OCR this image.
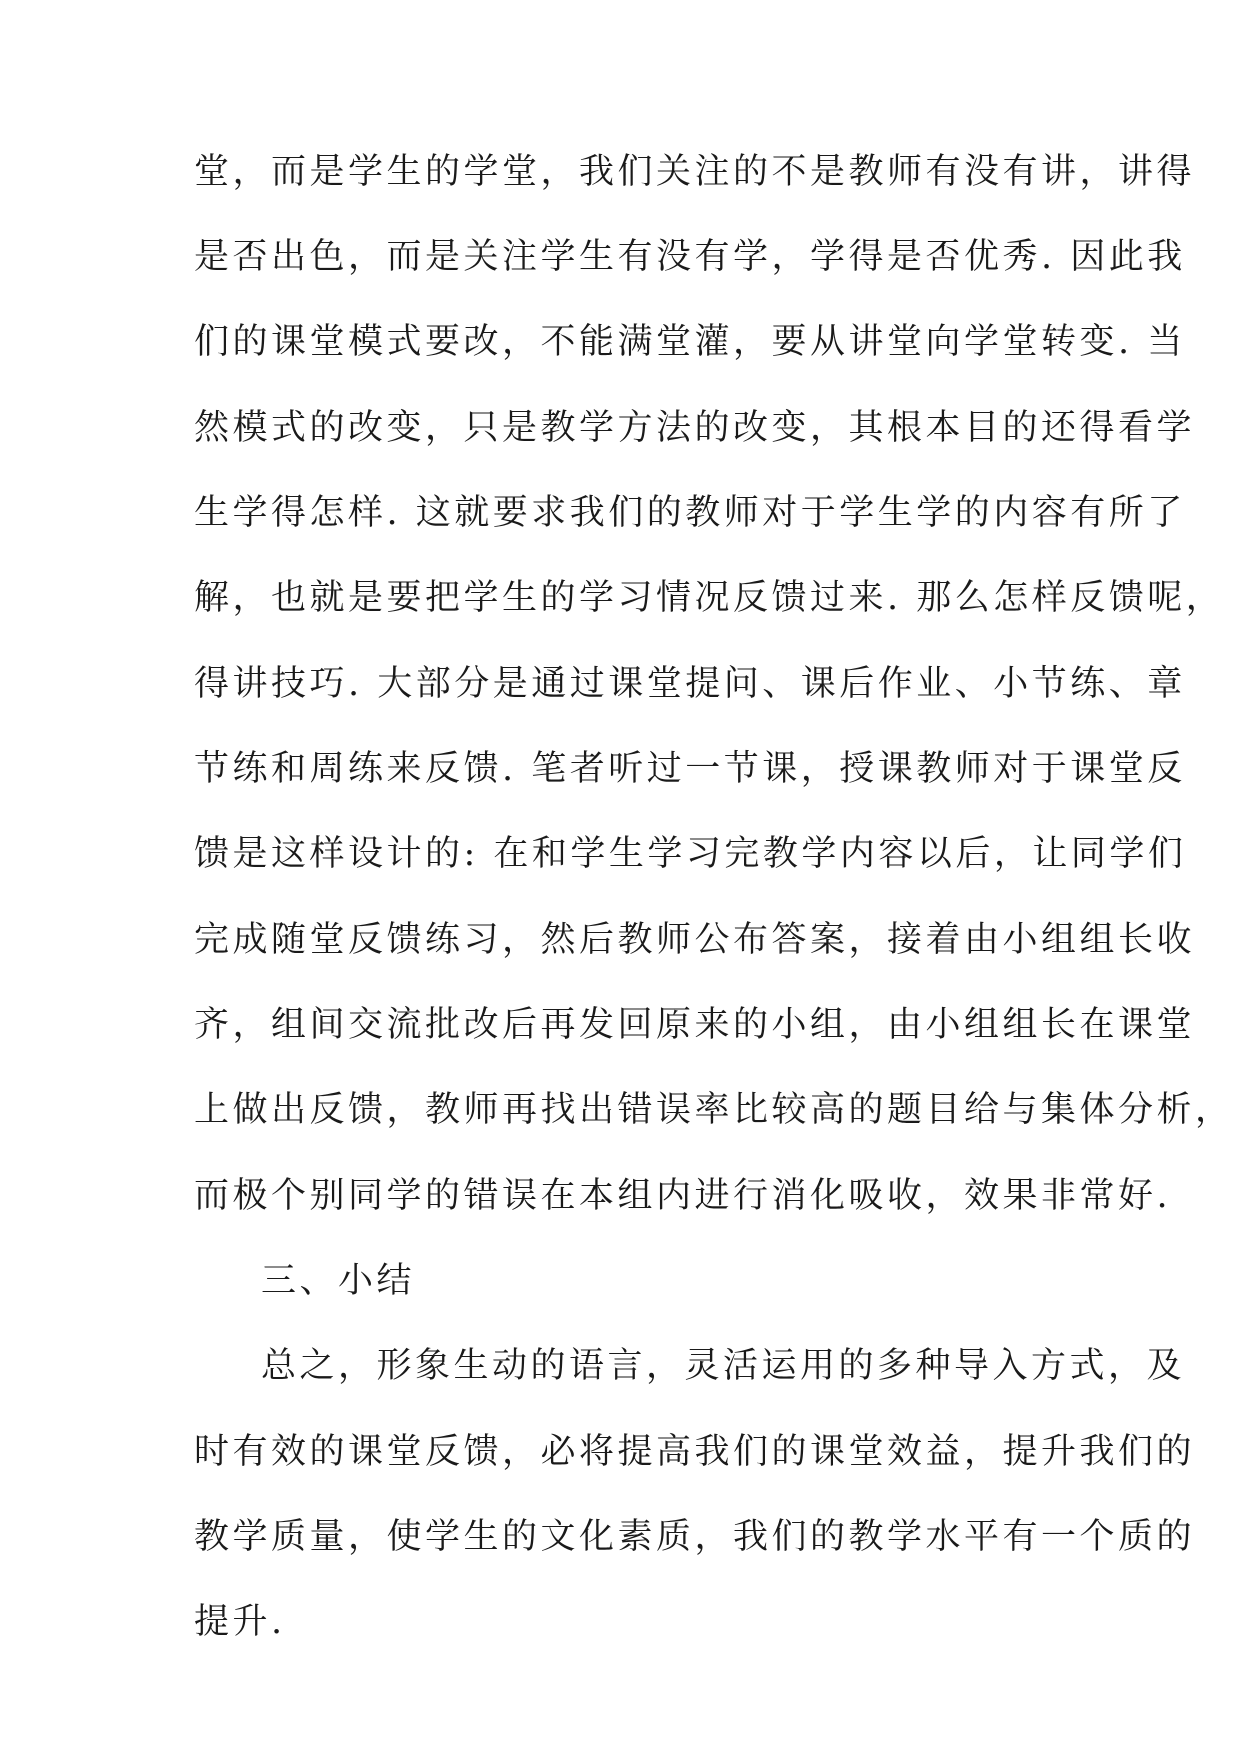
堂，而是学生的学堂，我们关注的不是教师有没有讲，讲得
是否出色，而是关注学生有没有学，学得是否优秀. 因此我
们的课堂模式要改，不能满堂灌，要从讲堂向学堂转变. 当
然模式的改变，只是教学方法的改变，其根本目的还得看学
生学得怎样. 这就要求我们的教师对于学生学的内容有所了
解，也就是要把学生的学习情况反馈过来. 那么怎样反馈呢，
得讲技巧. 大部分是通过课堂提问、课后作业、小节练、章
节练和周练来反馈. 笔者听过一节课，授课教师对于课堂反
馈是这样设计的: 在和学生学习完教学内容以后，让同学们
完成随堂反馈练习，然后教师公布答案，接着由小组组长收
齐，组间交流批改后再发回原来的小组，由小组组长在课堂
上做出反馈，教师再找出错误率比较高的题目给与集体分析，
而极个别同学的错误在本组内进行消化吸收，效果非常好.
三、小结
总之，形象生动的语言，灵活运用的多种导入方式，及
时有效的课堂反馈，必将提高我们的课堂效益，提升我们的
教学质量，使学生的文化素质，我们的教学水平有一个质的
提升.
